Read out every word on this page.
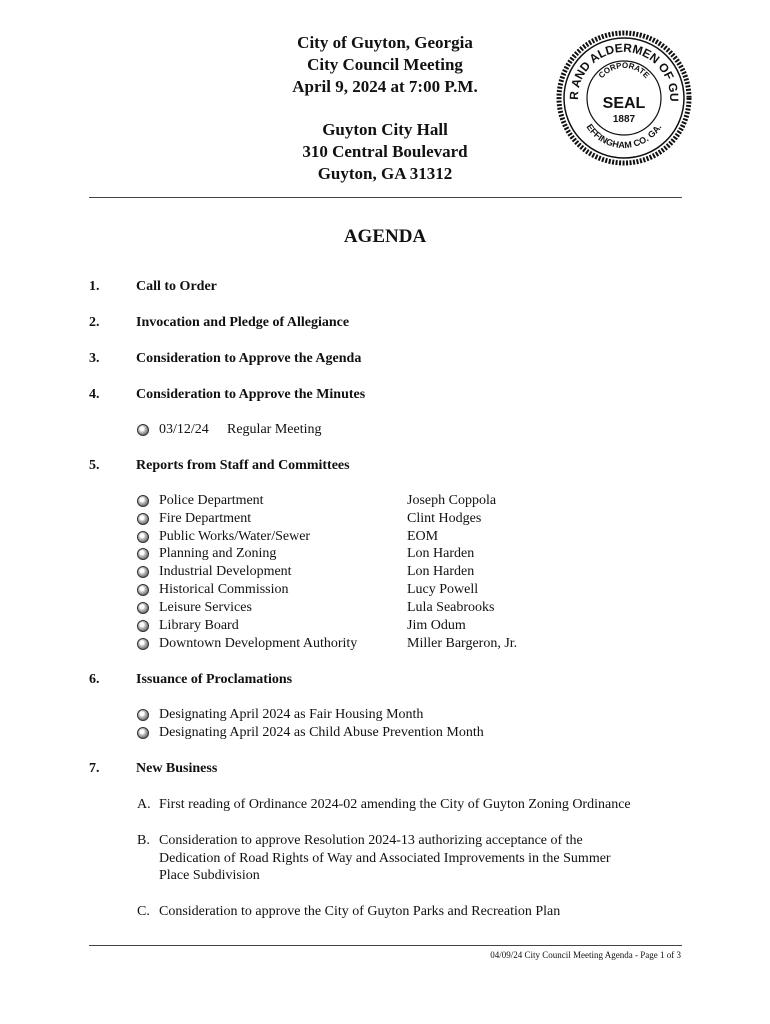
City of Guyton, Georgia
City Council Meeting
April 9, 2024 at 7:00 P.M.
Guyton City Hall
310 Central Boulevard
Guyton, GA 31312
R AND ALDERMEN OF GU
EFFINGHAM CO. GA.
CORPORATE
SEAL
1887
AGENDA
1.	Call to Order
2.	Invocation and Pledge of Allegiance
3.	Consideration to Approve the Agenda
4.	Consideration to Approve the Minutes
03/12/24 Regular Meeting
5.	Reports from Staff and Committees
Police Department	Joseph Coppola
Fire Department	Clint Hodges
Public Works/Water/Sewer	EOM
Planning and Zoning	Lon Harden
Industrial Development	Lon Harden
Historical Commission	Lucy Powell
Leisure Services	Lula Seabrooks
Library Board	Jim Odum
Downtown Development Authority	Miller Bargeron, Jr.
6.	Issuance of Proclamations
Designating April 2024 as Fair Housing Month
Designating April 2024 as Child Abuse Prevention Month
7.	New Business
A. First reading of Ordinance 2024-02 amending the City of Guyton Zoning Ordinance
B. Consideration to approve Resolution 2024-13 authorizing acceptance of the
Dedication of Road Rights of Way and Associated Improvements in the Summer
Place Subdivision
C. Consideration to approve the City of Guyton Parks and Recreation Plan
04/09/24 City Council Meeting Agenda - Page 1 of 3
